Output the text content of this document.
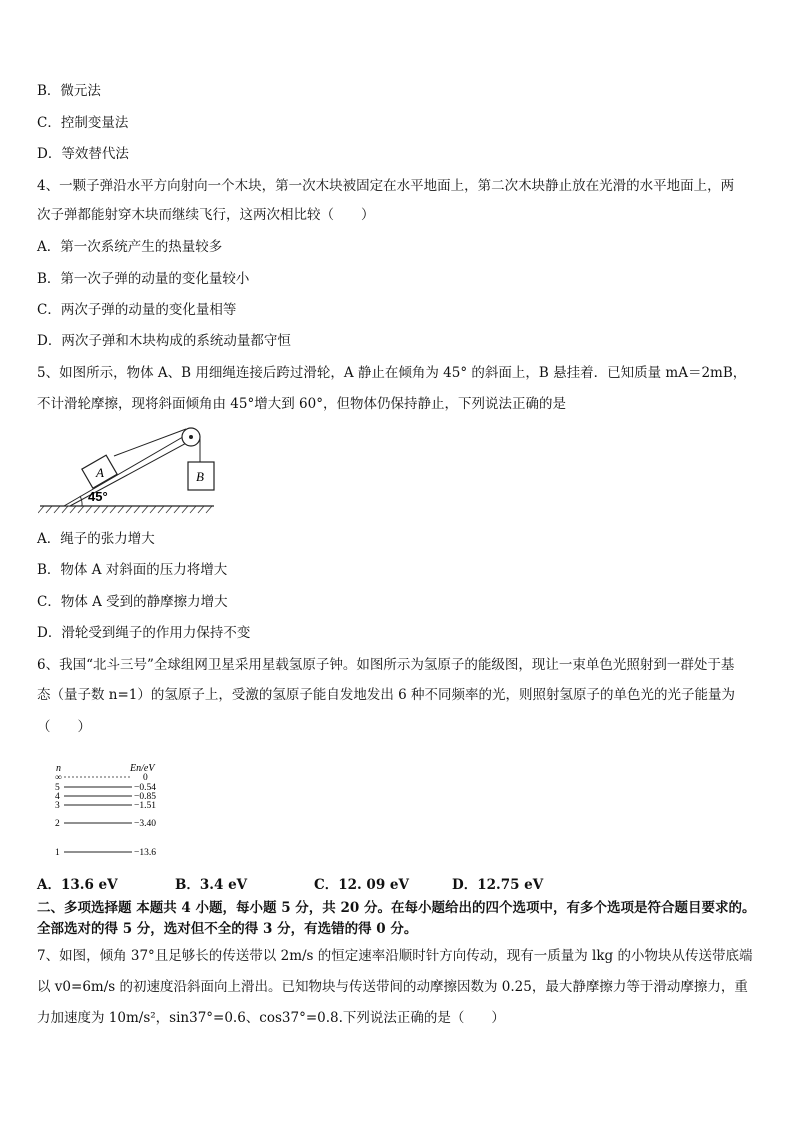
B．微元法
C．控制变量法
D．等效替代法
4、一颗子弹沿水平方向射向一个木块，第一次木块被固定在水平地面上，第二次木块静止放在光滑的水平地面上，两
次子弹都能射穿木块而继续飞行，这两次相比较（　　）
A．第一次系统产生的热量较多
B．第一次子弹的动量的变化量较小
C．两次子弹的动量的变化量相等
D．两次子弹和木块构成的系统动量都守恒
5、如图所示，物体 A、B 用细绳连接后跨过滑轮，A 静止在倾角为 45° 的斜面上，B 悬挂着．已知质量 mA＝2mB，
不计滑轮摩擦，现将斜面倾角由 45°增大到 60°，但物体仍保持静止，下列说法正确的是
A	B
45°
A．绳子的张力增大
B．物体 A 对斜面的压力将增大
C．物体 A 受到的静摩擦力增大
D．滑轮受到绳子的作用力保持不变
6、我国“北斗三号”全球组网卫星采用星载氢原子钟。如图所示为氢原子的能级图，现让一束单色光照射到一群处于基
态（量子数 n=1）的氢原子上，受激的氢原子能自发地发出 6 种不同频率的光，则照射氢原子的单色光的光子能量为
（　　）
n	En/eV
∞
5
4
3
2
1
0
−0.54
−0.85
−1.51
−3.40
−13.6
A．13.6 eV	B．3.4 eV	C．12. 09 eV	D．12.75 eV
二、多项选择题 本题共 4 小题，每小题 5 分，共 20 分。在每小题给出的四个选项中，有多个选项是符合题目要求的。
全部选对的得 5 分，选对但不全的得 3 分，有选错的得 0 分。
7、如图，倾角 37°且足够长的传送带以 2m/s 的恒定速率沿顺时针方向传动，现有一质量为 lkg 的小物块从传送带底端
以 v0=6m/s 的初速度沿斜面向上滑出。已知物块与传送带间的动摩擦因数为 0.25，最大静摩擦力等于滑动摩擦力，重
力加速度为 10m/s²，sin37°=0.6、cos37°=0.8.下列说法正确的是（　　）
